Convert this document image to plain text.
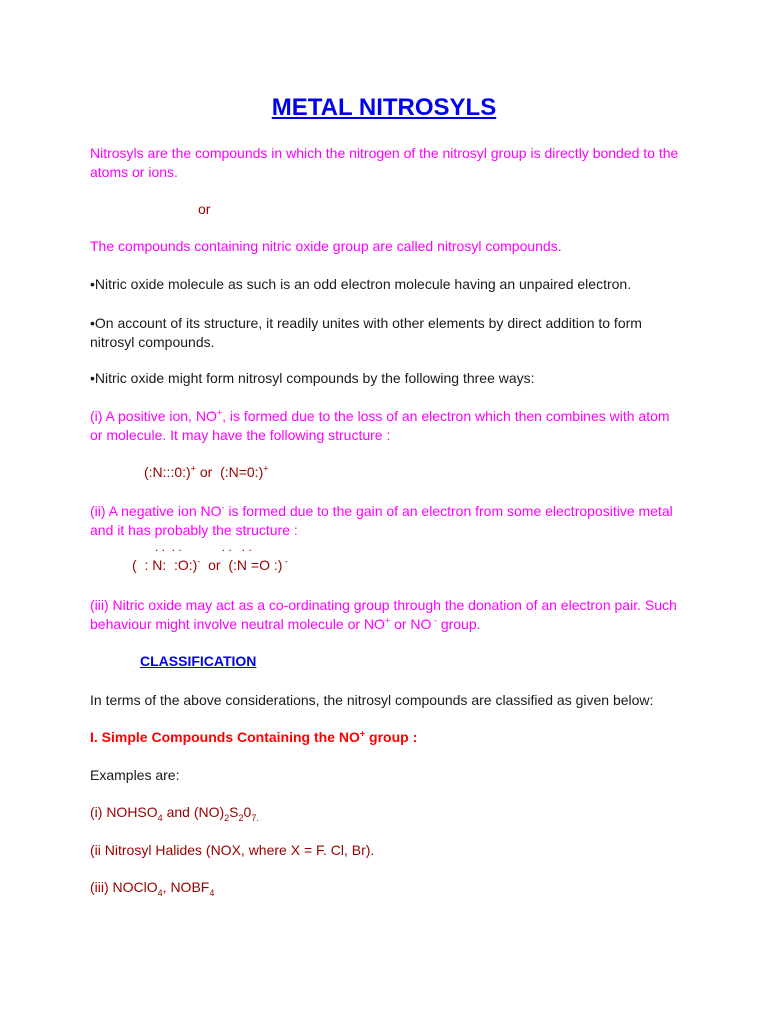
METAL NITROSYLS
Nitrosyls are the compounds in which the nitrogen of the nitrosyl group is directly bonded to the
atoms or ions.
or
The compounds containing nitric oxide group are called nitrosyl compounds.
•Nitric oxide molecule as such is an odd electron molecule having an unpaired electron.
•On account of its structure, it readily unites with other elements by direct addition to form
nitrosyl compounds.
•Nitric oxide might form nitrosyl compounds by the following three ways:
(i) A positive ion, NO+, is formed due to the loss of an electron which then combines with atom
or molecule. It may have the following structure :
(:N:::0:)+ or  (:N=0:)+
(ii) A negative ion NO- is formed due to the gain of an electron from some electropositive metal
and it has probably the structure :
. .  . .            . .   . .
(  : N:  :O:)-  or  (:N =O :) -
(iii) Nitric oxide may act as a co-ordinating group through the donation of an electron pair. Such
behaviour might involve neutral molecule or NO+ or NO - group.
CLASSIFICATION
In terms of the above considerations, the nitrosyl compounds are classified as given below:
I. Simple Compounds Containing the NO+ group :
Examples are:
(i) $NOHSO_4$ and $(NO)_2S_20_{7.}$
(ii Nitrosyl Halides (NOX, where X = F. Cl, Br).
(iii) NOClO$_4$, $NOBF_4$
